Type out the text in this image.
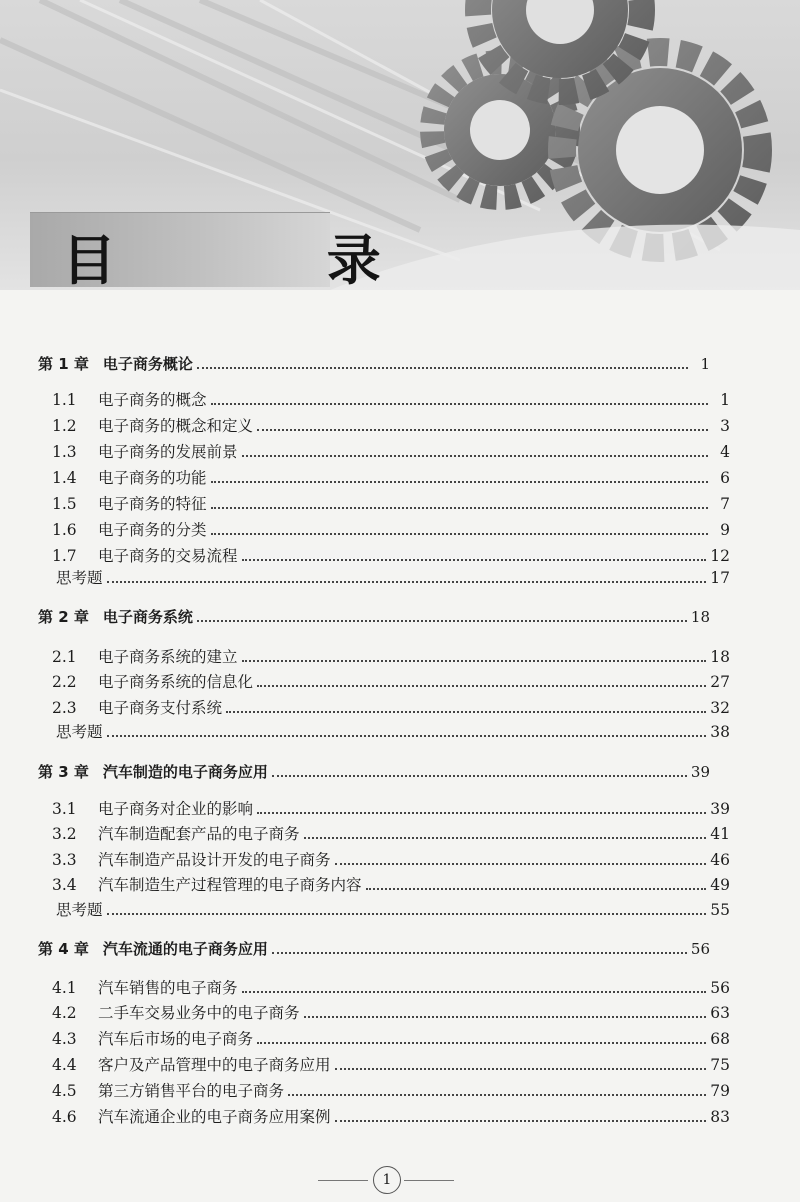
目 录
第 1 章 电子商务概论	1
1.1	电子商务的概念	1
1.2	电子商务的概念和定义	3
1.3	电子商务的发展前景	4
1.4	电子商务的功能	6
1.5	电子商务的特征	7
1.6	电子商务的分类	9
1.7	电子商务的交易流程	12
思考题	17
第 2 章 电子商务系统	18
2.1	电子商务系统的建立	18
2.2	电子商务系统的信息化	27
2.3	电子商务支付系统	32
思考题	38
第 3 章 汽车制造的电子商务应用	39
3.1	电子商务对企业的影响	39
3.2	汽车制造配套产品的电子商务	41
3.3	汽车制造产品设计开发的电子商务	46
3.4	汽车制造生产过程管理的电子商务内容	49
思考题	55
第 4 章 汽车流通的电子商务应用	56
4.1	汽车销售的电子商务	56
4.2	二手车交易业务中的电子商务	63
4.3	汽车后市场的电子商务	68
4.4	客户及产品管理中的电子商务应用	75
4.5	第三方销售平台的电子商务	79
4.6	汽车流通企业的电子商务应用案例	83
1
